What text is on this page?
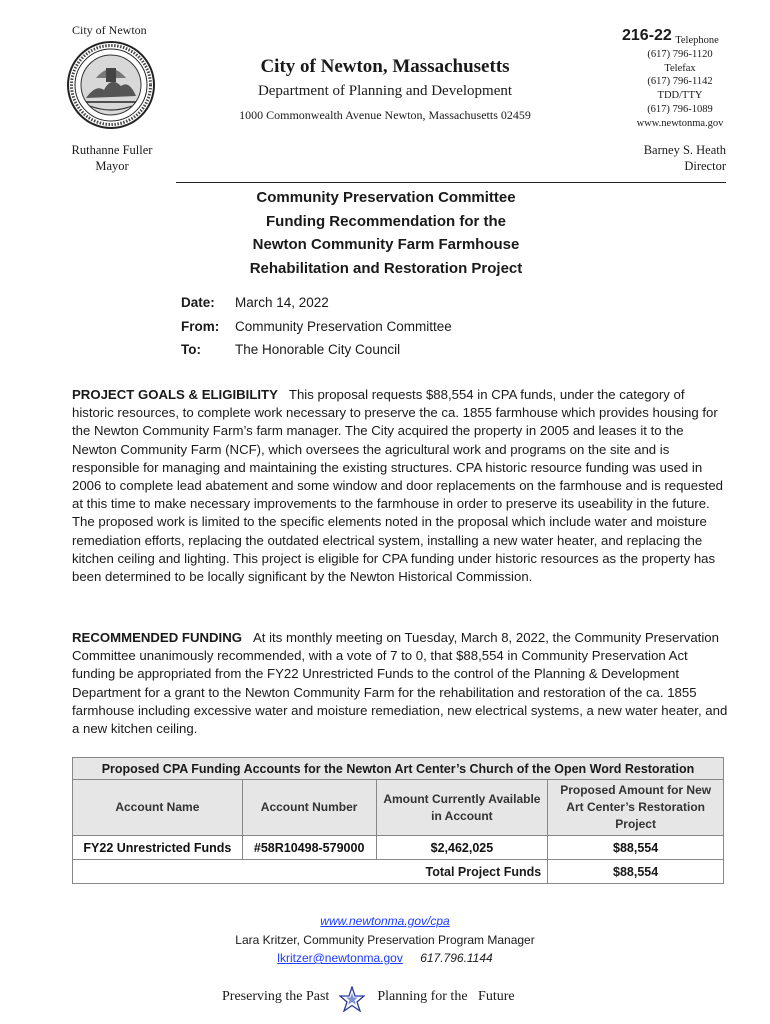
City of Newton
City of Newton, Massachusetts
Department of Planning and Development
1000 Commonwealth Avenue Newton, Massachusetts 02459
216-22 Telephone
(617) 796-1120
Telefax
(617) 796-1142
TDD/TTY
(617) 796-1089
www.newtonma.gov
Ruthanne Fuller
Mayor
Barney S. Heath
Director
Community Preservation Committee
Funding Recommendation for the
Newton Community Farm Farmhouse
Rehabilitation and Restoration Project
Date:	March 14, 2022
From:	Community Preservation Committee
To:	The Honorable City Council
PROJECT GOALS & ELIGIBILITY This proposal requests $88,554 in CPA funds, under the category of historic resources, to complete work necessary to preserve the ca. 1855 farmhouse which provides housing for the Newton Community Farm’s farm manager. The City acquired the property in 2005 and leases it to the Newton Community Farm (NCF), which oversees the agricultural work and programs on the site and is responsible for managing and maintaining the existing structures. CPA historic resource funding was used in 2006 to complete lead abatement and some window and door replacements on the farmhouse and is requested at this time to make necessary improvements to the farmhouse in order to preserve its useability in the future. The proposed work is limited to the specific elements noted in the proposal which include water and moisture remediation efforts, replacing the outdated electrical system, installing a new water heater, and replacing the kitchen ceiling and lighting. This project is eligible for CPA funding under historic resources as the property has been determined to be locally significant by the Newton Historical Commission.
RECOMMENDED FUNDING At its monthly meeting on Tuesday, March 8, 2022, the Community Preservation Committee unanimously recommended, with a vote of 7 to 0, that $88,554 in Community Preservation Act funding be appropriated from the FY22 Unrestricted Funds to the control of the Planning & Development Department for a grant to the Newton Community Farm for the rehabilitation and restoration of the ca. 1855 farmhouse including excessive water and moisture remediation, new electrical systems, a new water heater, and a new kitchen ceiling.
Proposed CPA Funding Accounts for the Newton Art Center’s Church of the Open Word Restoration			
Account Name	Account Number	Amount Currently Available in Account	Proposed Amount for New Art Center’s Restoration Project
FY22 Unrestricted Funds	#58R10498-579000	$2,462,025	$88,554
		Total Project Funds	$88,554
www.newtonma.gov/cpa
Lara Kritzer, Community Preservation Program Manager
lkritzer@newtonma.gov 617.796.1144
Preserving the Past	Planning for the   Future
